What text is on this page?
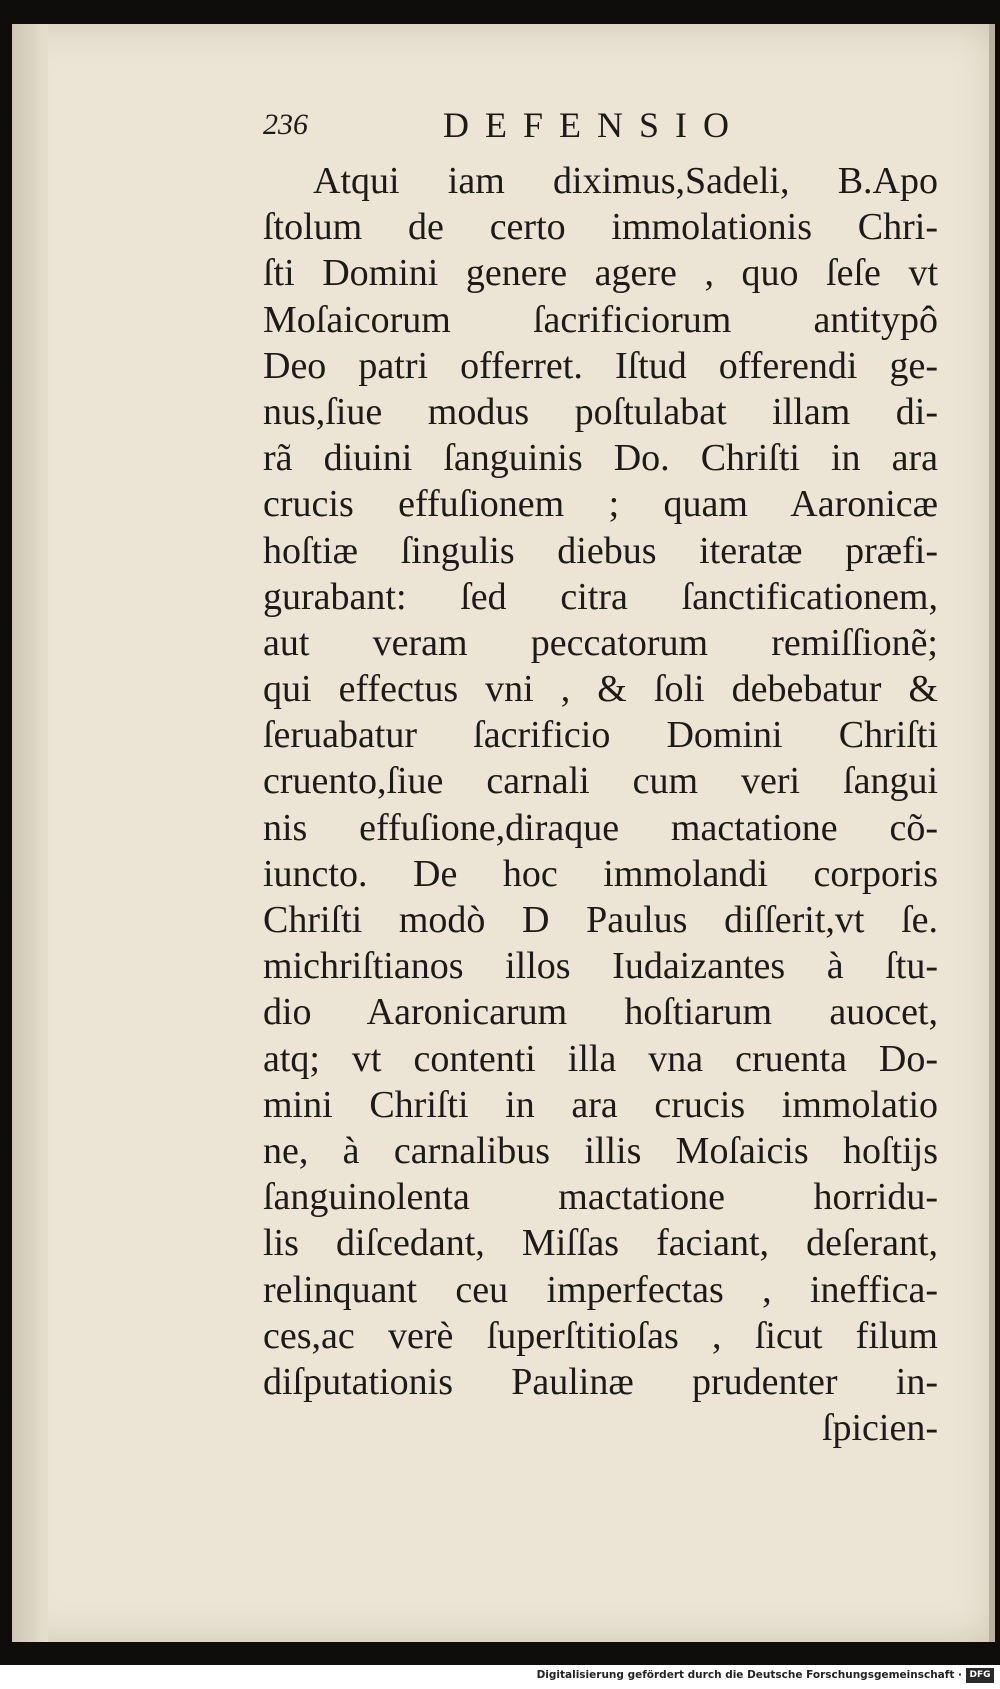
236	DEFENSIO
Atqui iam diximus,Sadeli, B.Apo
ſtolum de certo immolationis Chri-
ſti Domini genere agere , quo ſeſe vt
Moſaicorum ſacrificiorum antitypô
Deo patri offerret. Iſtud offerendi ge-
nus,ſiue modus poſtulabat illam di-
rã diuini ſanguinis Do. Chriſti in ara
crucis effuſionem ; quam Aaronicæ
hoſtiæ ſingulis diebus iteratæ præfi-
gurabant: ſed citra ſanctificationem,
aut veram peccatorum remiſſionẽ;
qui effectus vni , & ſoli debebatur &
ſeruabatur ſacrificio Domini Chriſti
cruento,ſiue carnali cum veri ſangui
nis effuſione,diraque mactatione cõ-
iuncto. De hoc immolandi corporis
Chriſti modò D Paulus diſſerit,vt ſe.
michriſtianos illos Iudaizantes à ſtu-
dio Aaronicarum hoſtiarum auocet,
atq; vt contenti illa vna cruenta Do-
mini Chriſti in ara crucis immolatio
ne, à carnalibus illis Moſaicis hoſtijs
ſanguinolenta mactatione horridu-
lis diſcedant, Miſſas faciant, deſerant,
relinquant ceu imperfectas , inefficа-
ces,ac verè ſuperſtitioſas , ſicut filum
diſputationis Paulinæ prudenter in-
ſpicien-
Digitalisierung gefördert durch die Deutsche Forschungsgemeinschaft · DFG
